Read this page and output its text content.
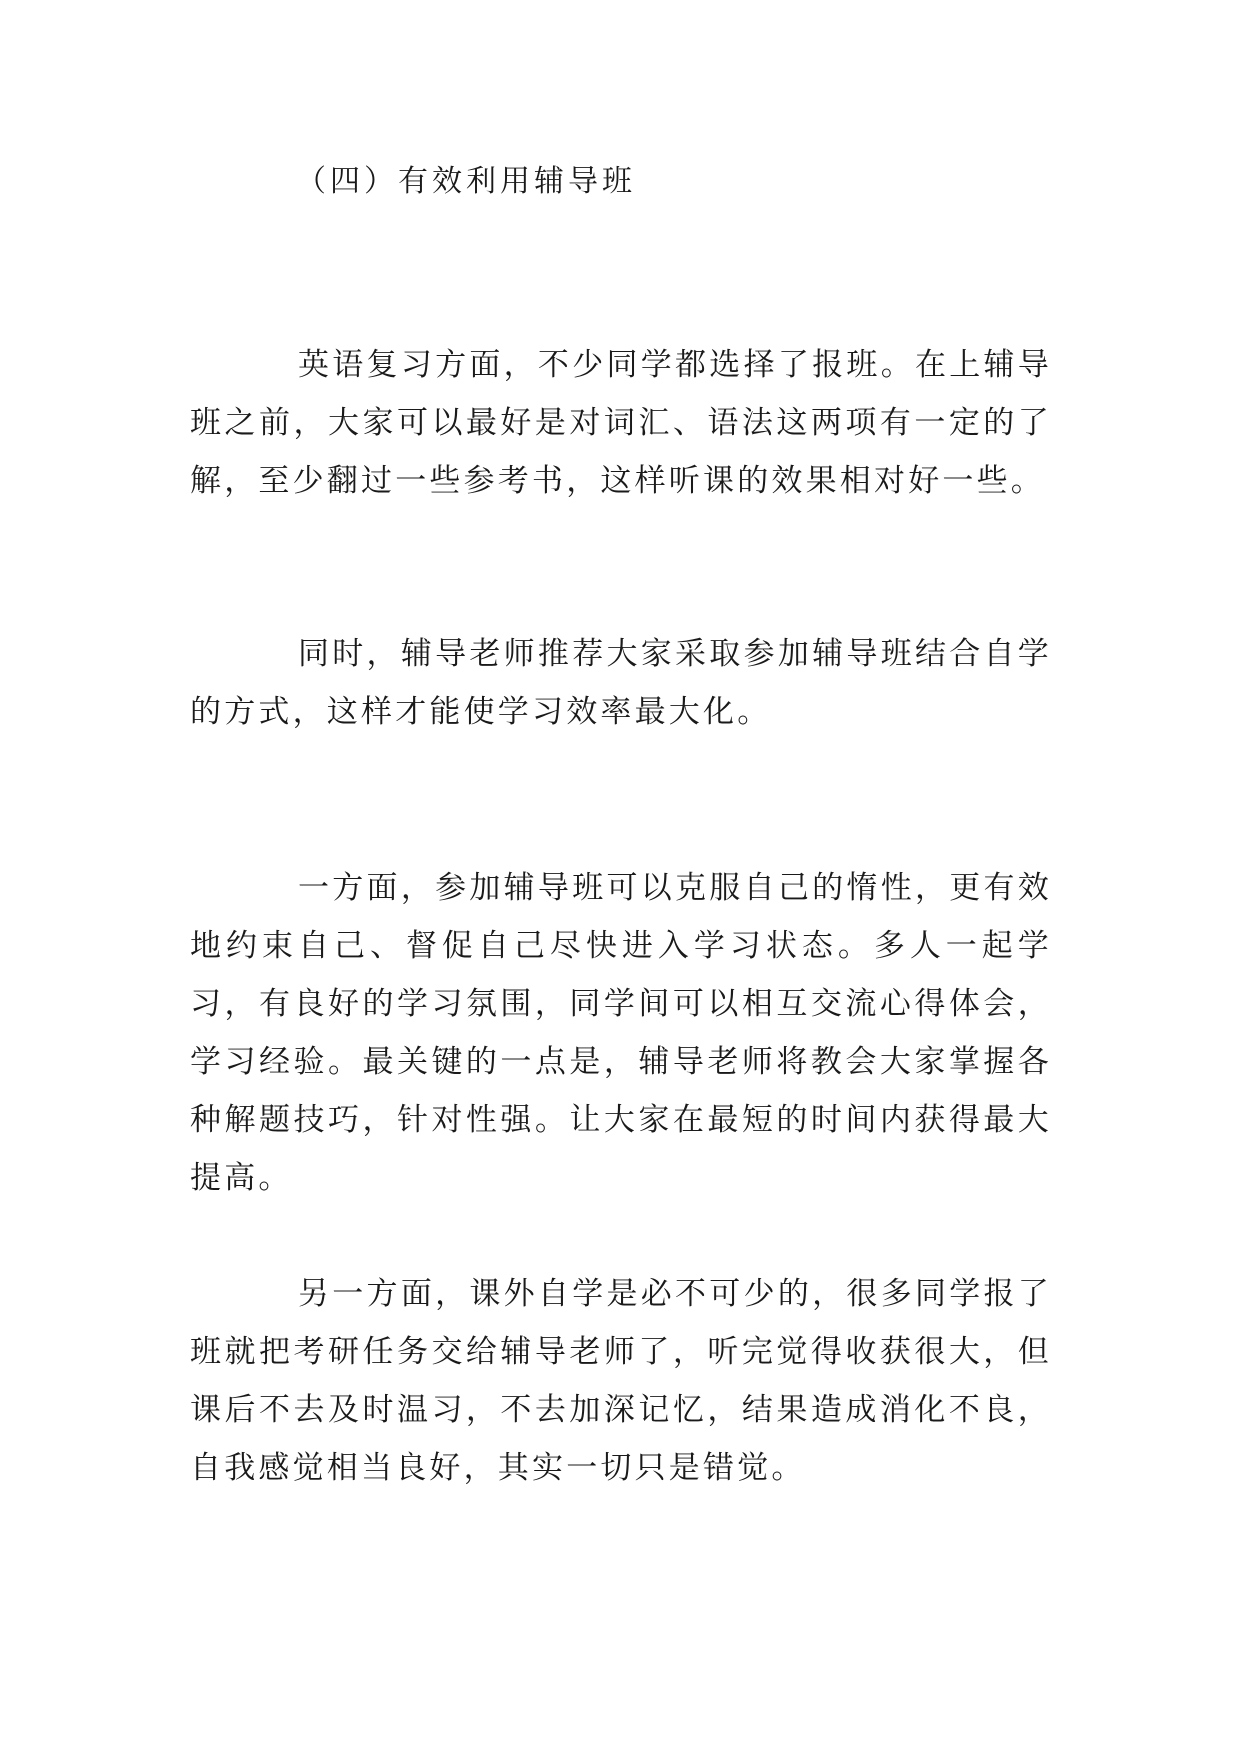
（四）有效利用辅导班

英语复习方面，不少同学都选择了报班。在上辅导班之前，大家可以最好是对词汇、语法这两项有一定的了解，至少翻过一些参考书，这样听课的效果相对好一些。

同时，辅导老师推荐大家采取参加辅导班结合自学的方式，这样才能使学习效率最大化。

一方面，参加辅导班可以克服自己的惰性，更有效地约束自己、督促自己尽快进入学习状态。多人一起学习，有良好的学习氛围，同学间可以相互交流心得体会，学习经验。最关键的一点是，辅导老师将教会大家掌握各种解题技巧，针对性强。让大家在最短的时间内获得最大提高。

另一方面，课外自学是必不可少的，很多同学报了班就把考研任务交给辅导老师了，听完觉得收获很大，但课后不去及时温习，不去加深记忆，结果造成消化不良，自我感觉相当良好，其实一切只是错觉。
